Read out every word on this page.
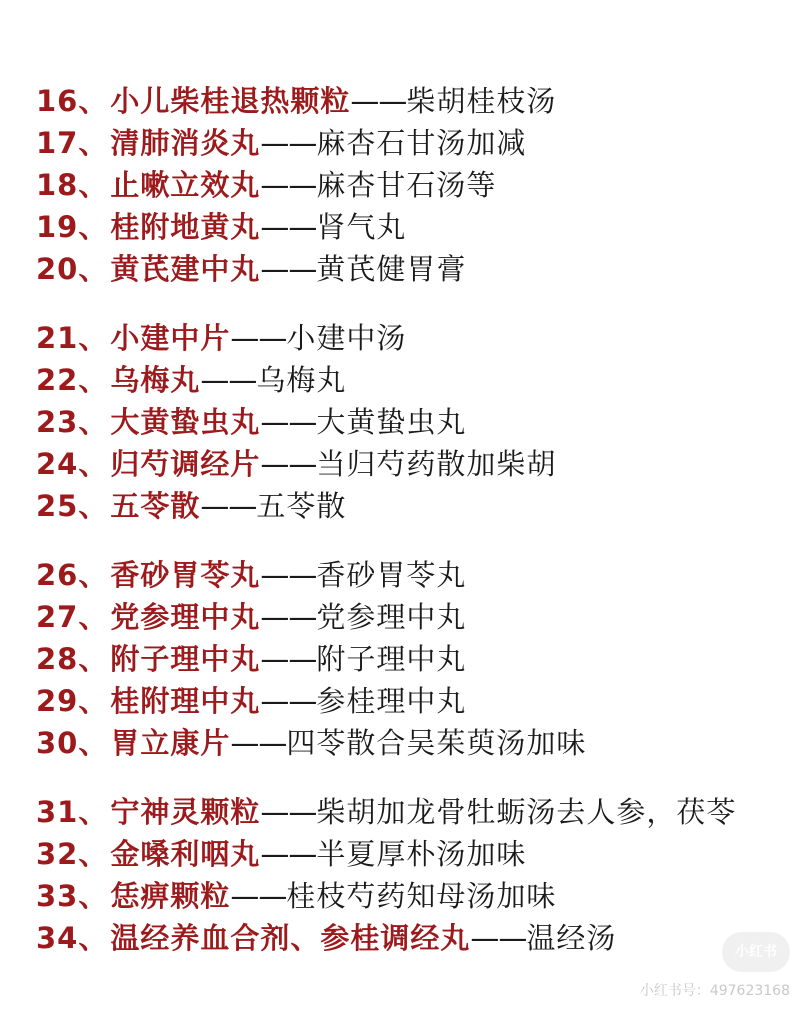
16、小儿柴桂退热颗粒——柴胡桂枝汤
17、清肺消炎丸——麻杏石甘汤加减
18、止嗽立效丸——麻杏甘石汤等
19、桂附地黄丸——肾气丸
20、黄芪建中丸——黄芪健胃膏
21、小建中片——小建中汤
22、乌梅丸——乌梅丸
23、大黄蛰虫丸——大黄蛰虫丸
24、归芍调经片——当归芍药散加柴胡
25、五苓散——五苓散
26、香砂胃苓丸——香砂胃苓丸
27、党参理中丸——党参理中丸
28、附子理中丸——附子理中丸
29、桂附理中丸——参桂理中丸
30、胃立康片——四苓散合吴茱萸汤加味
31、宁神灵颗粒——柴胡加龙骨牡蛎汤去人参，茯苓
32、金嗓利咽丸——半夏厚朴汤加味
33、恁痹颗粒——桂枝芍药知母汤加味
34、温经养血合剂、参桂调经丸——温经汤	小红书
小红书号：497623168
